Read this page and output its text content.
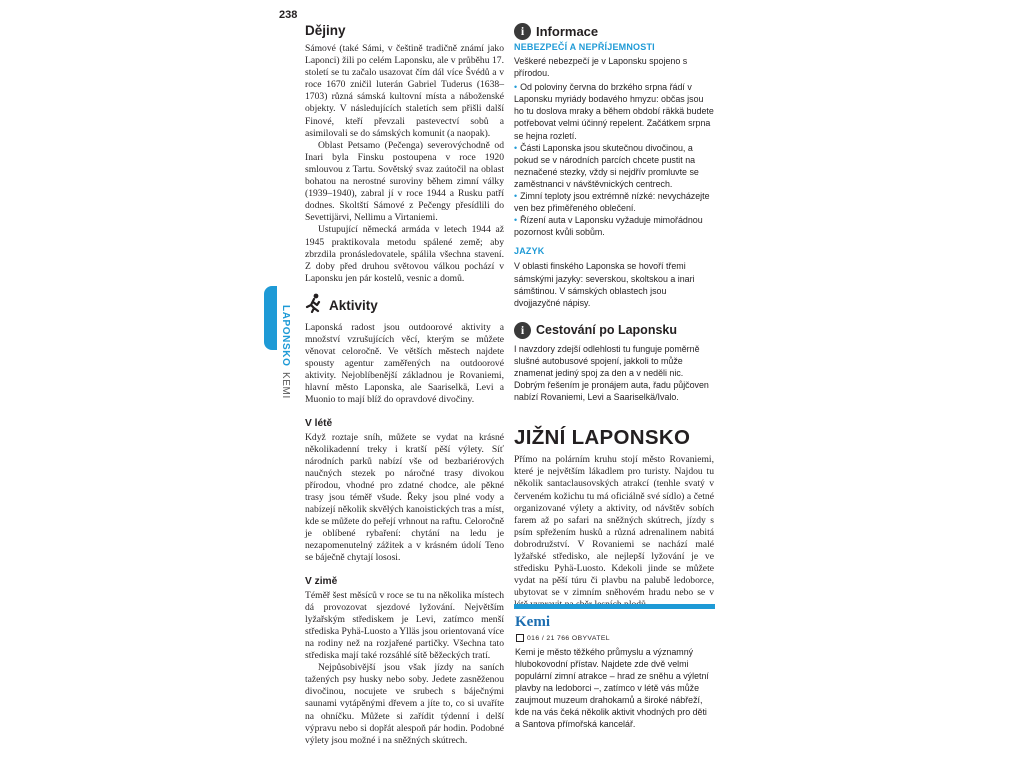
238
LAPONSKO KEMI
Dějiny

Sámové (také Sámi, v češtině tradičně známí jako Laponci) žili po celém Laponsku, ale v průběhu 17. století se tu začalo usazovat čím dál více Švédů a v roce 1670 zničil luterán Gabriel Tuderus (1638–1703) různá sámská kultovní místa a náboženské objekty. V následujících staletích sem přišli další Finové, kteří převzali pastevectví sobů a asimilovali se do sámských komunit (a naopak).

Oblast Petsamo (Pečenga) severovýchodně od Inari byla Finsku postoupena v roce 1920 smlouvou z Tartu. Sovětský svaz zaútočil na oblast bohatou na nerostné suroviny během zimní války (1939–1940), zabral jí v roce 1944 a Rusku patří dodnes. Skoltští Sámové z Pečengy přesídlili do Sevettijärvi, Nellimu a Virtaniemi.

Ustupující německá armáda v letech 1944 až 1945 praktikovala metodu spálené země; aby zbrzdila pronásledovatele, spálila všechna stavení. Z doby před druhou světovou válkou pochází v Laponsku jen pár kostelů, vesnic a domů.

Aktivity
Laponská radost jsou outdoorové aktivity a množství vzrušujících věcí, kterým se můžete věnovat celoročně. Ve větších městech najdete spousty agentur zaměřených na outdoorové aktivity. Nejoblíbenější základnou je Rovaniemi, hlavní město Laponska, ale Saariselkä, Levi a Muonio to mají blíž do opravdové divočiny.
V létě
Když roztaje sníh, můžete se vydat na krásné několikadenní treky i kratší pěší výlety. Síť národních parků nabízí vše od bezbariérových naučných stezek po náročné trasy divokou přírodou, vhodné pro zdatné chodce, ale pěkné trasy jsou téměř všude. Řeky jsou plné vody a nabízejí několik skvělých kanoistických tras a míst, kde se můžete do peřejí vrhnout na raftu. Celoročně je oblíbené rybaření: chytání na ledu je nezapomenutelný zážitek a v krásném údolí Teno se báječně chytají lososi.
V zimě

Téměř šest měsíců v roce se tu na několika místech dá provozovat sjezdové lyžování. Největším lyžařským střediskem je Levi, zatímco menší střediska Pyhä-Luosto a Ylläs jsou orientovaná více na rodiny než na rozjařené partičky. Všechna tato střediska mají také rozsáhlé sítě běžeckých tratí.

Nejpůsobivější jsou však jízdy na saních tažených psy husky nebo soby. Jedete zasněženou divočinou, nocujete ve srubech s báječnými saunami vytápěnými dřevem a jíte to, co si uvaříte na ohníčku. Můžete si zařídit týdenní i delší výpravu nebo si dopřát alespoň pár hodin. Podobné výlety jsou možné i na sněžných skútrech.

i Informace
NEBEZPEČÍ A NEPŘÍJEMNOSTI
Veškeré nebezpečí je v Laponsku spojeno s přírodou.
• Od poloviny června do brzkého srpna řádí v Laponsku myriády bodavého hmyzu: občas jsou ho tu doslova mraky a během období räkkä budete potřebovat velmi účinný repelent. Začátkem srpna se hejna rozletí.
• Části Laponska jsou skutečnou divočinou, a pokud se v národních parcích chcete pustit na neznačené stezky, vždy si nejdřív promluvte se zaměstnanci v návštěvnických centrech.
• Zimní teploty jsou extrémně nízké: nevycházejte ven bez přiměřeného oblečení.
• Řízení auta v Laponsku vyžaduje mimořádnou pozornost kvůli sobům.
JAZYK
V oblasti finského Laponska se hovoří třemi sámskými jazyky: severskou, skoltskou a inari sámštinou. V sámských oblastech jsou dvojjazyčné nápisy.
i Cestování po Laponsku
I navzdory zdejší odlehlosti tu funguje poměrně slušné autobusové spojení, jakkoli to může znamenat jediný spoj za den a v neděli nic. Dobrým řešením je pronájem auta, řadu půjčoven nabízí Rovaniemi, Levi a Saariselkä/Ivalo.
JIŽNÍ LAPONSKO
Přímo na polárním kruhu stojí město Rovaniemi, které je největším lákadlem pro turisty. Najdou tu několik santaclausovských atrakcí (tenhle svatý v červeném kožichu tu má oficiálně své sídlo) a četné organizované výlety a aktivity, od návštěv sobích farem až po safari na sněžných skútrech, jízdy s psím spřežením husků a různá adrenalinem nabitá dobrodružství. V Rovaniemi se nachází malé lyžařské středisko, ale nejlepší lyžování je ve středisku Pyhä-Luosto. Kdekoli jinde se můžete vydat na pěší túru či plavbu na palubě ledoborce, ubytovat se v zimním sněhovém hradu nebo se v
Kemi
016 / 21 766 OBYVATEL
Kemi je město těžkého průmyslu a významný hlubokovodní přístav. Najdete zde dvě velmi populární zimní atrakce – hrad ze sněhu a výletní plavby na ledoborci –, zatímco v létě vás může zaujmout muzeum drahokamů a široké nábřeží, kde na vás čeká několik aktivit vhodných pro děti a Santova přímořská kancelář.
